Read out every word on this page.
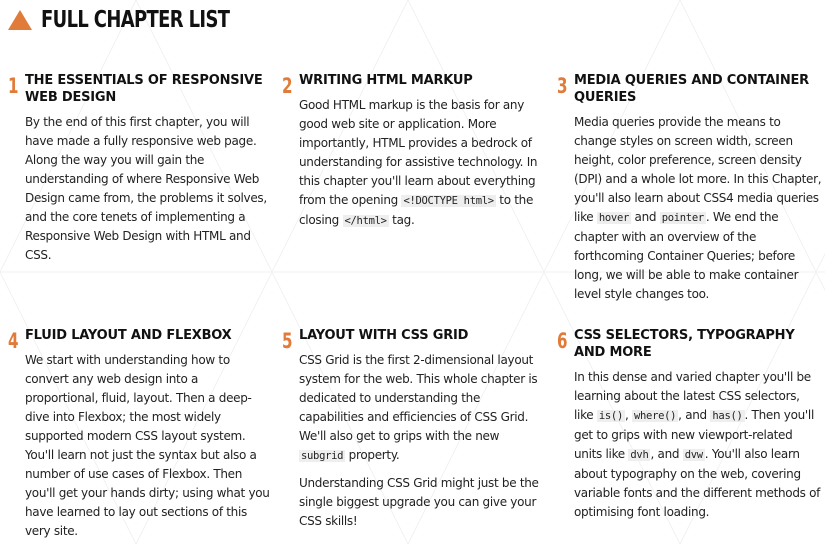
FULL CHAPTER LIST
1 THE ESSENTIALS OF RESPONSIVE WEB DESIGN

By the end of this first chapter, you will have made a fully responsive web page. Along the way you will gain the understanding of where Responsive Web Design came from, the problems it solves, and the core tenets of implementing a Responsive Web Design with HTML and CSS.

2 WRITING HTML MARKUP

Good HTML markup is the basis for any good web site or application. More importantly, HTML provides a bedrock of understanding for assistive technology. In this chapter you'll learn about everything from the opening <!DOCTYPE html> to the closing </html> tag.

3 MEDIA QUERIES AND CONTAINER QUERIES

Media queries provide the means to change styles on screen width, screen height, color preference, screen density (DPI) and a whole lot more. In this Chapter, you'll also learn about CSS4 media queries like hover and pointer . We end the chapter with an overview of the forthcoming Container Queries; before long, we will be able to make container level style changes too.

4 FLUID LAYOUT AND FLEXBOX

We start with understanding how to convert any web design into a proportional, fluid, layout. Then a deep-dive into Flexbox; the most widely supported modern CSS layout system. You'll learn not just the syntax but also a number of use cases of Flexbox. Then you'll get your hands dirty; using what you have learned to lay out sections of this very site.

5 LAYOUT WITH CSS GRID

CSS Grid is the first 2-dimensional layout system for the web. This whole chapter is dedicated to understanding the capabilities and efficiencies of CSS Grid. We'll also get to grips with the new subgrid property.

Understanding CSS Grid might just be the single biggest upgrade you can give your CSS skills!

6 CSS SELECTORS, TYPOGRAPHY AND MORE

In this dense and varied chapter you'll be learning about the latest CSS selectors, like is() , where() , and has() . Then you'll get to grips with new viewport-related units like dvh , and dvw . You'll also learn about typography on the web, covering variable fonts and the different methods of optimising font loading.
